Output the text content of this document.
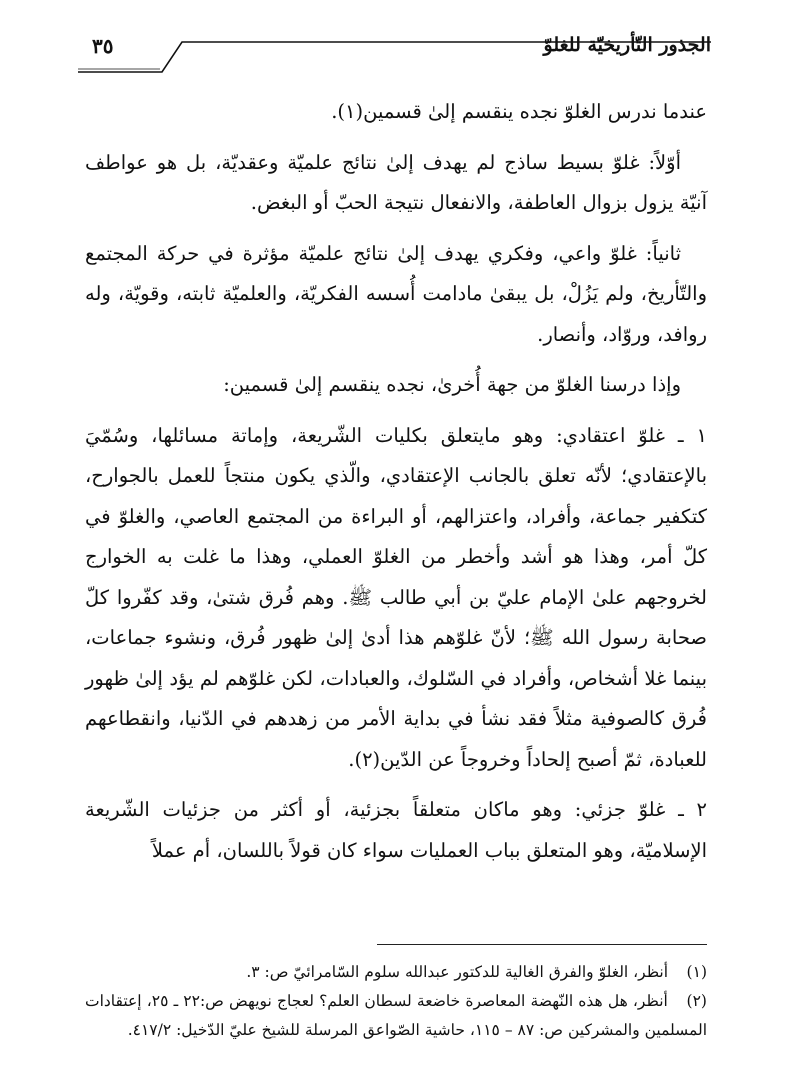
الجذور التّأريخيّة للغلوّ
٣٥

عندما ندرس الغلوّ نجده ينقسم إلىٰ قسمين(١).

أوّلاً: غلوّ بسيط ساذج لم يهدف إلىٰ نتائج علميّة وعقديّة، بل هو عواطف آنيّة يزول بزوال العاطفة، والانفعال نتيجة الحبّ أو البغض.

ثانياً: غلوّ واعي، وفكري يهدف إلىٰ نتائج علميّة مؤثرة في حركة المجتمع والتّأريخ، ولم يَزُلْ، بل يبقىٰ مادامت أُسسه الفكريّة، والعلميّة ثابته، وقويّة، وله روافد، وروّاد، وأنصار.

وإذا درسنا الغلوّ من جهة أُخرىٰ، نجده ينقسم إلىٰ قسمين:

١ ـ غلوّ اعتقادي: وهو مايتعلق بكليات الشّريعة، وإماتة مسائلها، وسُمّيَ بالإعتقادي؛ لأنّه تعلق بالجانب الإعتقادي، والّذي يكون منتجاً للعمل بالجوارح، كتكفير جماعة، وأفراد، واعتزالهم، أو البراءة من المجتمع العاصي، والغلوّ في كلّ أمر، وهذا هو أشد وأخطر من الغلوّ العملي، وهذا ما غلت به الخوارج لخروجهم علىٰ الإمام عليّ بن أبي طالب ﷺ. وهم فُرق شتىٰ، وقد كفّروا كلّ صحابة رسول الله ﷺ؛ لأنّ غلوّهم هذا أدىٰ إلىٰ ظهور فُرق، ونشوء جماعات، بينما غلا أشخاص، وأفراد في السّلوك، والعبادات، لكن غلوّهم لم يؤد إلىٰ ظهور فُرق كالصوفية مثلاً فقد نشأ في بداية الأمر من زهدهم في الدّنيا، وانقطاعهم للعبادة، ثمّ أصبح إلحاداً وخروجاً عن الدّين(٢).

٢ ـ غلوّ جزئي: وهو ماكان متعلقاً بجزئية، أو أكثر من جزئيات الشّريعة الإسلاميّة، وهو المتعلق بباب العمليات سواء كان قولاً باللسان، أم عملاً

(١) أنظر، الغلوّ والفرق الغالية للدكتور عبدالله سلوم السّامرائيّ ص: ٣.

(٢) أنظر، هل هذه النّهضة المعاصرة خاضعة لسطان العلم؟ لعجاج نويهض ص:٢٢ ـ ٢٥، إعتقادات المسلمين والمشركين ص: ٨٧ – ١١٥، حاشية الصّواعق المرسلة للشيخ عليّ الدّخيل: ٤١٧/٢.
